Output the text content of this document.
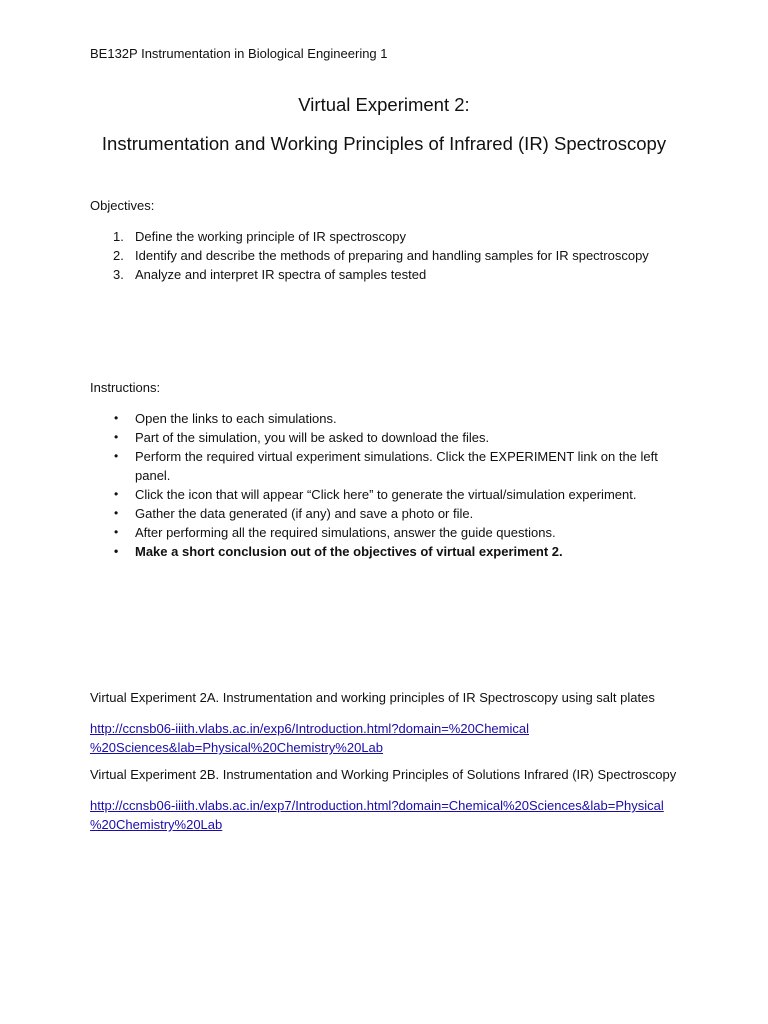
BE132P Instrumentation in Biological Engineering 1
Virtual Experiment 2:
Instrumentation and Working Principles of Infrared (IR) Spectroscopy
Objectives:
1. Define the working principle of IR spectroscopy
2. Identify and describe the methods of preparing and handling samples for IR spectroscopy
3. Analyze and interpret IR spectra of samples tested
Instructions:
• Open the links to each simulations.
• Part of the simulation, you will be asked to download the files.
• Perform the required virtual experiment simulations. Click the EXPERIMENT link on the left panel.
• Click the icon that will appear “Click here” to generate the virtual/simulation experiment.
• Gather the data generated (if any) and save a photo or file.
• After performing all the required simulations, answer the guide questions.
• Make a short conclusion out of the objectives of virtual experiment 2.
Virtual Experiment 2A. Instrumentation and working principles of IR Spectroscopy using salt plates
http://ccnsb06-iiith.vlabs.ac.in/exp6/Introduction.html?domain=%20Chemical
%20Sciences&lab=Physical%20Chemistry%20Lab
Virtual Experiment 2B. Instrumentation and Working Principles of Solutions Infrared (IR) Spectroscopy
http://ccnsb06-iiith.vlabs.ac.in/exp7/Introduction.html?domain=Chemical%20Sciences&lab=Physical
%20Chemistry%20Lab
